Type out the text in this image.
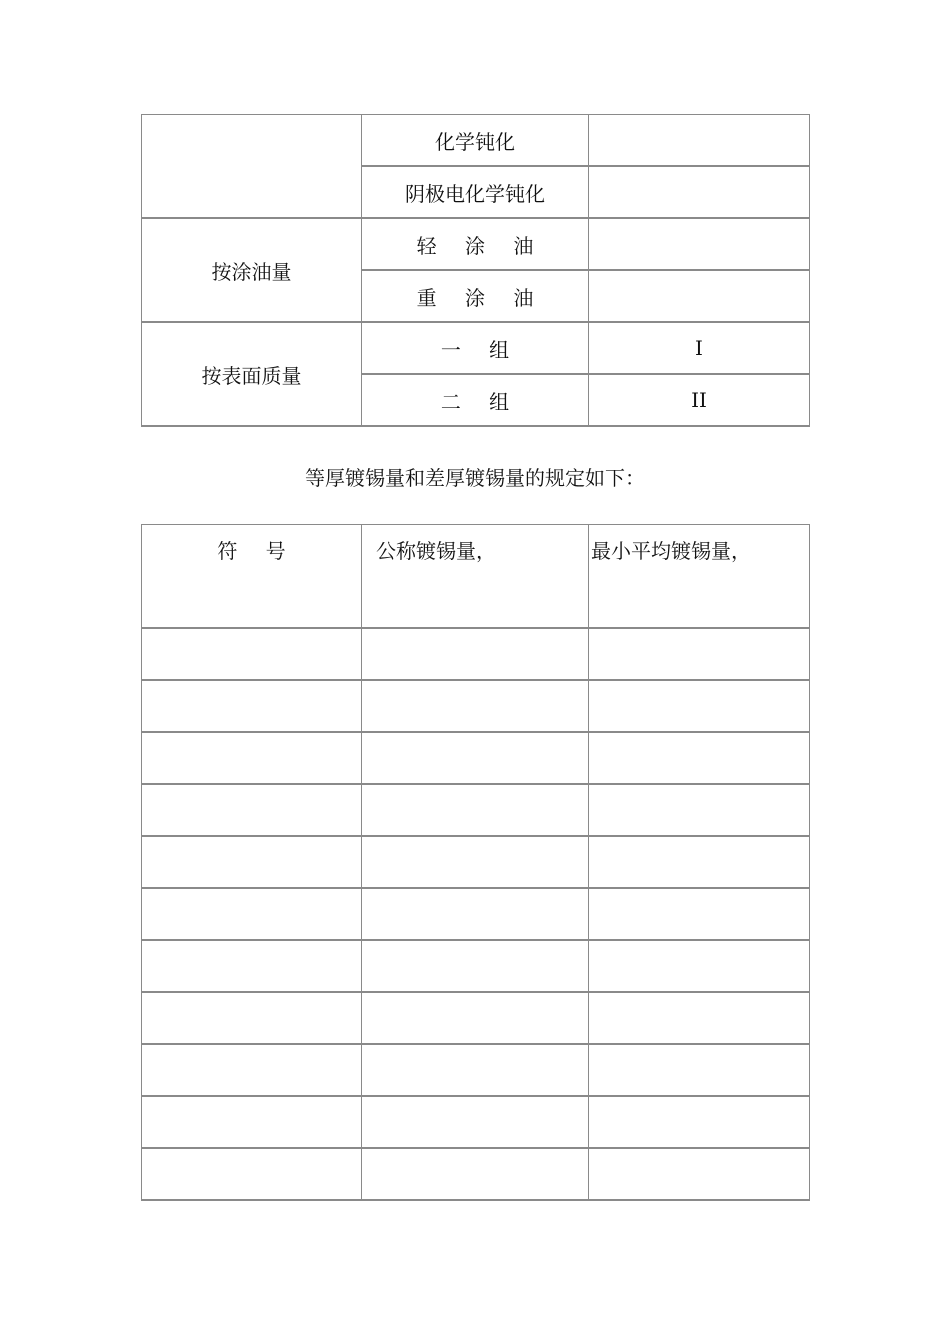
	化学钝化	
	阴极电化学钝化	
按涂油量	轻 涂 油	
	重 涂 油	
按表面质量	一 组	I
	二 组	II
等厚镀锡量和差厚镀锡量的规定如下：
符 号	公称镀锡量，	最小平均镀锡量，
